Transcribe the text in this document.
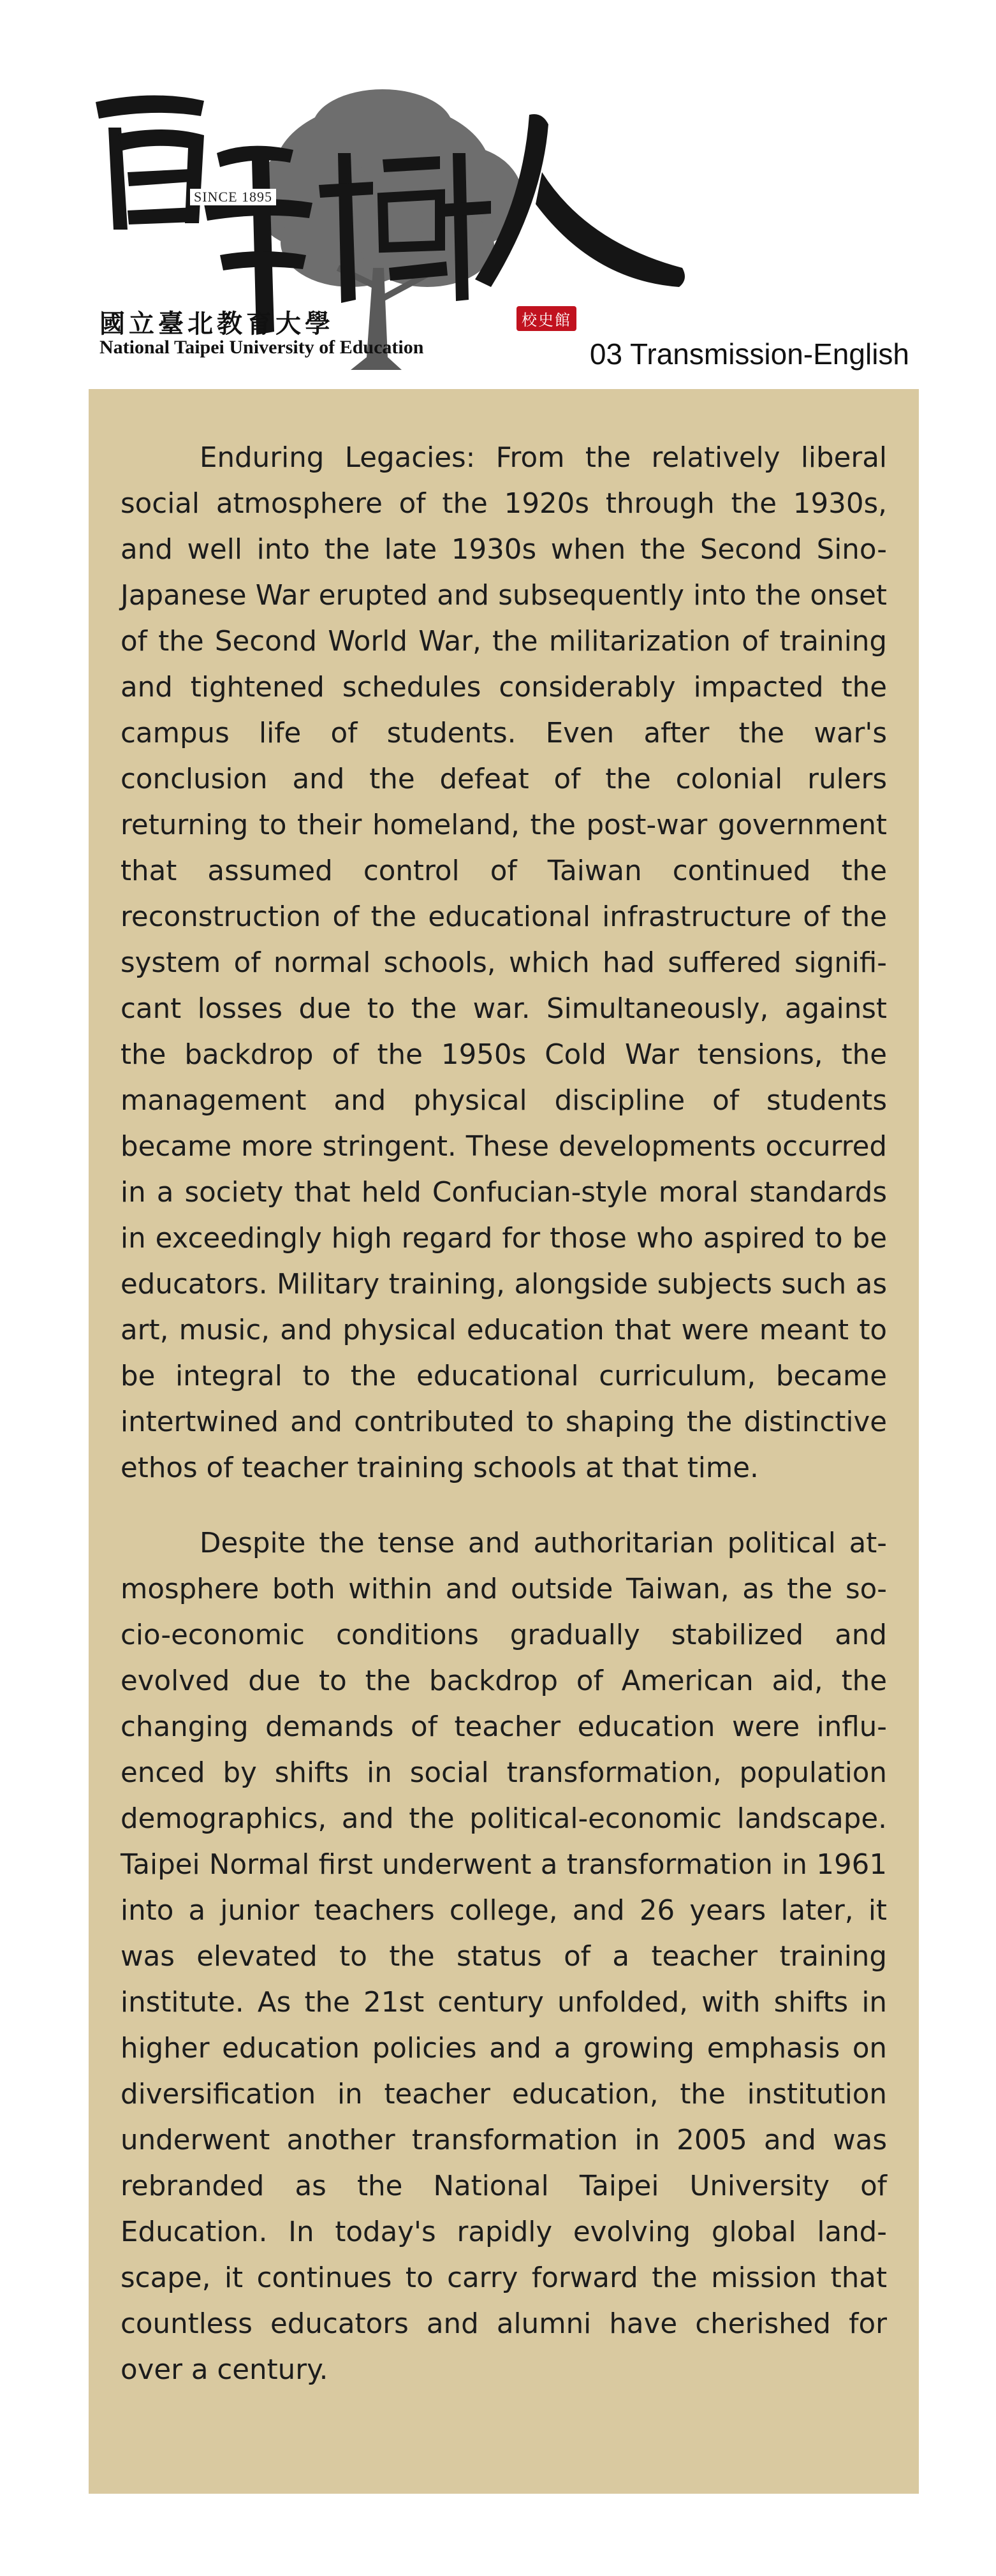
SINCE 1895
校史館
國立臺北教育大學
National Taipei University of Education	03 Transmission-English

Enduring Legacies: From the relatively liberal social atmosphere of the 1920s through the 1930s, and well into the late 1930s when the Second Sino-Japanese War erupted and subsequently into the onset of the Second World War, the militarization of training and tightened schedules considerably impacted the campus life of students. Even after the war's conclusion and the defeat of the colonial rulers returning to their homeland, the post-war government that assumed control of Taiwan continued the reconstruction of the educational infrastructure of the system of normal schools, which had suffered significant losses due to the war. Simultaneously, against the backdrop of the 1950s Cold War tensions, the management and physical discipline of students became more stringent. These developments occurred in a society that held Confucian-style moral standards in exceedingly high regard for those who aspired to be educators. Military training, alongside subjects such as art, music, and physical education that were meant to be integral to the educational curriculum, became intertwined and contributed to shaping the distinctive ethos of teacher training schools at that time.

Despite the tense and authoritarian political atmosphere both within and outside Taiwan, as the socio-economic conditions gradually stabilized and evolved due to the backdrop of American aid, the changing demands of teacher education were influenced by shifts in social transformation, population demographics, and the political-economic landscape. Taipei Normal first underwent a transformation in 1961 into a junior teachers college, and 26 years later, it was elevated to the status of a teacher training institute. As the 21st century unfolded, with shifts in higher education policies and a growing emphasis on diversification in teacher education, the institution underwent another transformation in 2005 and was rebranded as the National Taipei University of Education. In today's rapidly evolving global landscape, it continues to carry forward the mission that countless educators and alumni have cherished for over a century.
